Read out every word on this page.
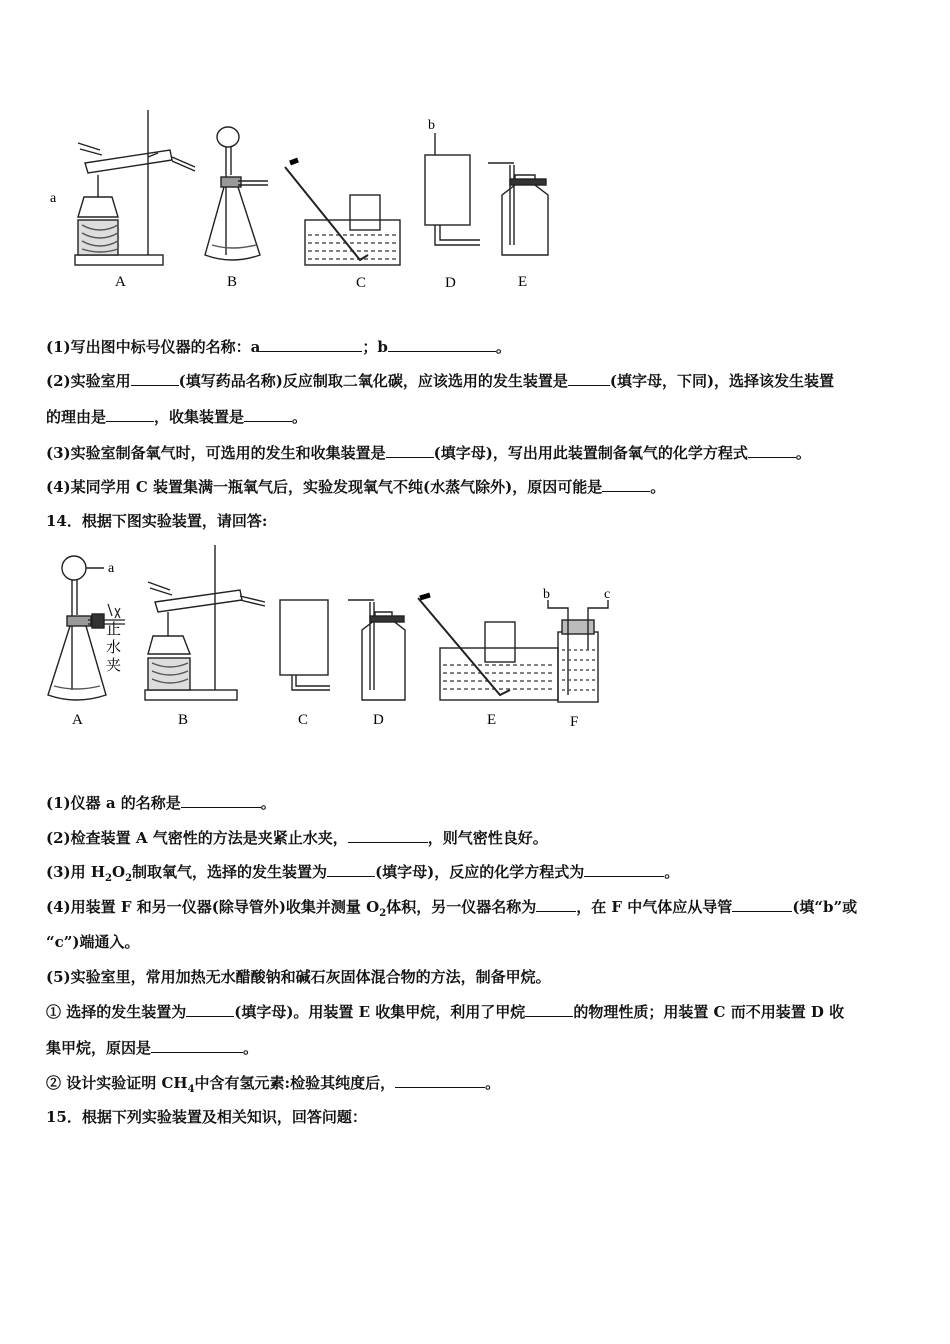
a
b
A	B	C	D	E
(1)写出图中标号仪器的名称：a	；b	。
(2)实验室用	(填写药品名称)反应制取二氧化碳，应该选用的发生装置是	(填字母，下同)，选择该发生装置
的理由是	，收集装置是	。
(3)实验室制备氧气时，可选用的发生和收集装置是	(填字母)，写出用此装置制备氧气的化学方程式	。
(4)某同学用 C 装置集满一瓶氧气后，实验发现氧气不纯(水蒸气除外)，原因可能是	。
14．根据下图实验装置，请回答:
a
止
水
夹
b	c
A	B	C	D	E	F
(1)仪器 a 的名称是	。
(2)检查装置 A 气密性的方法是夹紧止水夹，	，则气密性良好。
(3)用 $H_2O_2$制取氧气，选择的发生装置为	(填字母)，反应的化学方程式为	。
(4)用装置 F 和另一仪器(除导管外)收集并测量 $O_2$体积，另一仪器名称为	，在 F 中气体应从导管	(填“b”或
“c”)端通入。
(5)实验室里，常用加热无水醋酸钠和碱石灰固体混合物的方法，制备甲烷。
① 选择的发生装置为	(填字母)。用装置 E 收集甲烷，利用了甲烷	的物理性质；用装置 C 而不用装置 D 收
集甲烷，原因是	。
② 设计实验证明 $CH_4$中含有氢元素:检验其纯度后，	。
15．根据下列实验装置及相关知识，回答问题：
